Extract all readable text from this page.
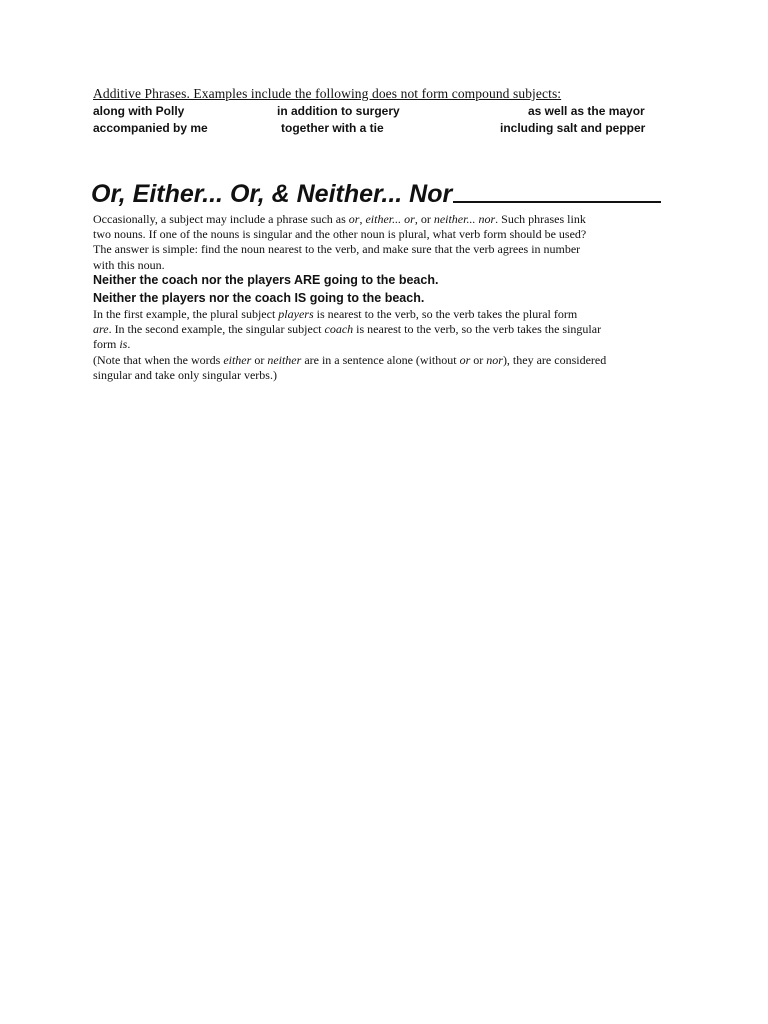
Additive Phrases. Examples include the following does not form compound subjects:
along with Polly	in addition to surgery	as well as the mayor
accompanied by me	together with a tie	including salt and pepper
Or, Either... Or, & Neither... Nor
Occasionally, a subject may include a phrase such as or, either... or, or neither... nor. Such phrases link
two nouns. If one of the nouns is singular and the other noun is plural, what verb form should be used?
The answer is simple: find the noun nearest to the verb, and make sure that the verb agrees in number
with this noun.
Neither the coach nor the players ARE going to the beach.
Neither the players nor the coach IS going to the beach.
In the first example, the plural subject players is nearest to the verb, so the verb takes the plural form
are. In the second example, the singular subject coach is nearest to the verb, so the verb takes the singular
form is.
(Note that when the words either or neither are in a sentence alone (without or or nor), they are considered
singular and take only singular verbs.)
